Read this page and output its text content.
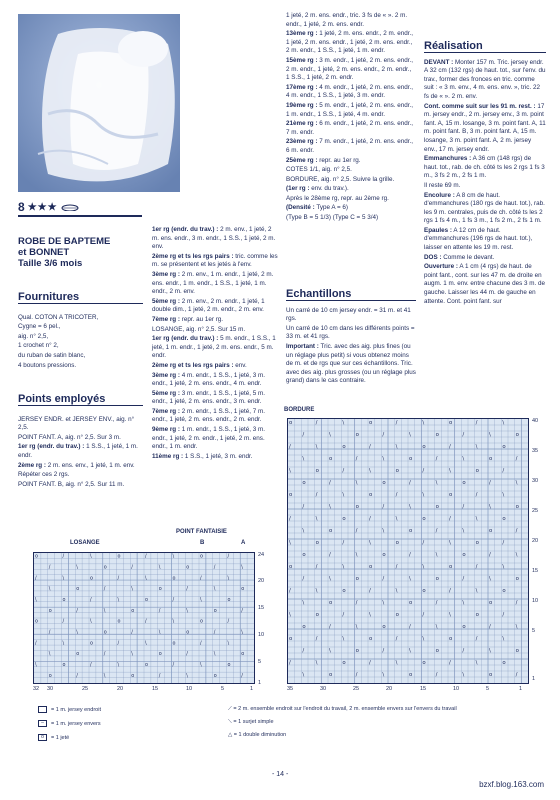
8 ★★★
ROBE DE BAPTEME
et BONNET
Taille 3/6 mois
Fournitures

Qual. COTON A TRICOTER,

Cygne = 6 pel.,

aig. n° 2,5,

1 crochet n° 2,

du ruban de satin blanc,

4 boutons pressions.

Points employés

JERSEY ENDR. et JERSEY ENV., aig. n° 2,5.

POINT FANT. A, aig. n° 2,5. Sur 3 m.

1er rg (endr. du trav.) : 1 S.S., 1 jeté, 1 m. endr.

2ème rg : 2 m. ens. env., 1 jeté, 1 m. env.

Répéter ces 2 rgs.

POINT FANT. B, aig. n° 2,5. Sur 11 m.

1er rg (endr. du trav.) : 2 m. env., 1 jeté, 2 m. ens. endr., 3 m. endr., 1 S.S., 1 jeté, 2 m. env.

2ème rg et ts les rgs pairs : tric. comme les m. se présentent et les jetés à l'env.

3ème rg : 2 m. env., 1 m. endr., 1 jeté, 2 m. ens. endr., 1 m. endr., 1 S.S., 1 jeté, 1 m. endr., 2 m. env.

5ème rg : 2 m. env., 2 m. endr., 1 jeté, 1 double dim., 1 jeté, 2 m. endr., 2 m. env.

7ème rg : repr. au 1er rg.

LOSANGE, aig. n° 2,5. Sur 15 m.

1er rg (endr. du trav.) : 5 m. endr., 1 S.S., 1 jeté, 1 m. endr., 1 jeté, 2 m. ens. endr., 5 m. endr.

2ème rg et ts les rgs pairs : env.

3ème rg : 4 m. endr., 1 S.S., 1 jeté, 3 m. endr., 1 jeté, 2 m. ens. endr., 4 m. endr.

5ème rg : 3 m. endr., 1 S.S., 1 jeté, 5 m. endr., 1 jeté, 2 m. ens. endr., 3 m. endr.

7ème rg : 2 m. endr., 1 S.S., 1 jeté, 7 m. endr., 1 jeté, 2 m. ens. endr., 2 m. endr.

9ème rg : 1 m. endr., 1 S.S., 1 jeté, 3 m. endr., 1 jeté, 2 m. endr., 1 jeté, 2 m. ens. endr., 1 m. endr.

11ème rg : 1 S.S., 1 jeté, 3 m. endr.

1 jeté, 2 m. ens. endr., tric. 3 fs de « ». 2 m. endr., 1 jeté, 2 m. ens. endr.

13ème rg : 1 jeté, 2 m. ens. endr., 2 m. endr., 1 jeté, 2 m. ens. endr., 1 jeté, 2 m. ens. endr., 2 m. endr., 1 S.S., 1 jeté, 1 m. endr.

15ème rg : 3 m. endr., 1 jeté, 2 m. ens. endr., 2 m. endr., 1 jeté, 2 m. ens. endr., 2 m. endr., 1 S.S., 1 jeté, 2 m. endr.

17ème rg : 4 m. endr., 1 jeté, 2 m. ens. endr., 4 m. endr., 1 S.S., 1 jeté, 3 m. endr.

19ème rg : 5 m. endr., 1 jeté, 2 m. ens. endr., 1 m. endr., 1 S.S., 1 jeté, 4 m. endr.

21ème rg : 6 m. endr., 1 jeté, 2 m. ens. endr., 7 m. endr.

23ème rg : 7 m. endr., 1 jeté, 2 m. ens. endr., 6 m. endr.

25ème rg : repr. au 1er rg.

COTES 1/1, aig. n° 2,5.

BORDURE, aig. n° 2,5. Suivre la grille.

(1er rg : env. du trav.).

Après le 28ème rg, repr. au 2ème rg.

(Densité : Type A = 6)

(Type B = 5 1/3) (Type C = 5 3/4)

Echantillons

Un carré de 10 cm jersey endr. = 31 m. et 41 rgs.

Un carré de 10 cm dans les différents points = 33 m. et 41 rgs.

Important : Tric. avec des aig. plus fines (ou un réglage plus petit) si vous obtenez moins de m. et de rgs que sur ces échantillons. Tric. avec des aig. plus grosses (ou un réglage plus grand) dans le cas contraire.

Réalisation

DEVANT : Monter 157 m. Tric. jersey endr. A 32 cm (132 rgs) de haut. tot., sur l'env. du trav., former des fronces en tric. comme suit : « 3 m. env., 4 m. ens. env. », tric. 22 fs de « ». 2 m. env.

Cont. comme suit sur les 91 m. rest. : 17 m. jersey endr., 2 m. jersey env., 3 m. point fant. A, 15 m. losange, 3 m. point fant. A, 11 m. point fant. B, 3 m. point fant. A, 15 m. losange, 3 m. point fant. A, 2 m. jersey env., 17 m. jersey endr.

Emmanchures : A 36 cm (148 rgs) de haut. tot., rab. de ch. côté ts les 2 rgs 1 fs 3 m., 3 fs 2 m., 2 fs 1 m.

Il reste 69 m.

Encolure : A 8 cm de haut. d'emmanchures (180 rgs de haut. tot.), rab. les 9 m. centrales, puis de ch. côté ts les 2 rgs 1 fs 4 m., 1 fs 3 m., 1 fs 2 m., 2 fs 1 m.

Epaules : A 12 cm de haut. d'emmanchures (196 rgs de haut. tot.), laisser en attente les 19 m. rest.

DOS : Comme le devant.

Ouverture : A 1 cm (4 rgs) de haut. de point fant., cont. sur les 47 m. de droite en augm. 1 m. env. entre chacune des 3 m. de gauche. Laisser les 44 m. de gauche en attente. Cont. point fant. sur

POINT FANTAISIE
LOSANGE	B	A
o	/	\	o	/	\	o	/
/	\	o	/	\	o	/	\
/	\	o	/	\	o	/	\
\	o	/	\	o	/	\	o
\	o	/	\	o	/	\	o
o	/	\	o	/	\	o	/
o	/	\	o	/	\	o	/
/	\	o	/	\	o	/	\
/	\	o	/	\	o	/	\
\	o	/	\	o	/	\	o
\	o	/	\	o	/	\	o
o	/	\	o	/	\	o	/
32 30	25	20	15	10	5	1
24
20
15
10
5
1
BORDURE
o	/	\	o	/	\	o	/	\
/	\	o	/	\	o	/	\	o
/	\	o	/	\	o	/	\	o
\	o	/	\	o	/	\	o	/
\	o	/	\	o	/	\	o	/
o	/	\	o	/	\	o	/	\
o	/	\	o	/	\	o	/	\
/	\	o	/	\	o	/	\	o
/	\	o	/	\	o	/	\	o
\	o	/	\	o	/	\	o	/
\	o	/	\	o	/	\	o	/
o	/	\	o	/	\	o	/	\
o	/	\	o	/	\	o	/	\
/	\	o	/	\	o	/	\	o
/	\	o	/	\	o	/	\	o
\	o	/	\	o	/	\	o	/
\	o	/	\	o	/	\	o	/
o	/	\	o	/	\	o	/	\
o	/	\	o	/	\	o	/	\
/	\	o	/	\	o	/	\	o
/	\	o	/	\	o	/	\	o
\	o	/	\	o	/	\	o	/
35	30	25	20	15	10	5	1
40
35
30
25
20
15
10
5
1
= 1 m. jersey endroit
– = 1 m. jersey envers
o = 1 jeté
⟋ = 2 m. ensemble endroit sur l'endroit du travail, 2 m. ensemble envers sur l'envers du travail
⟍ = 1 surjet simple
△ = 1 double diminution
- 14 -
bzxf.blog.163.com
